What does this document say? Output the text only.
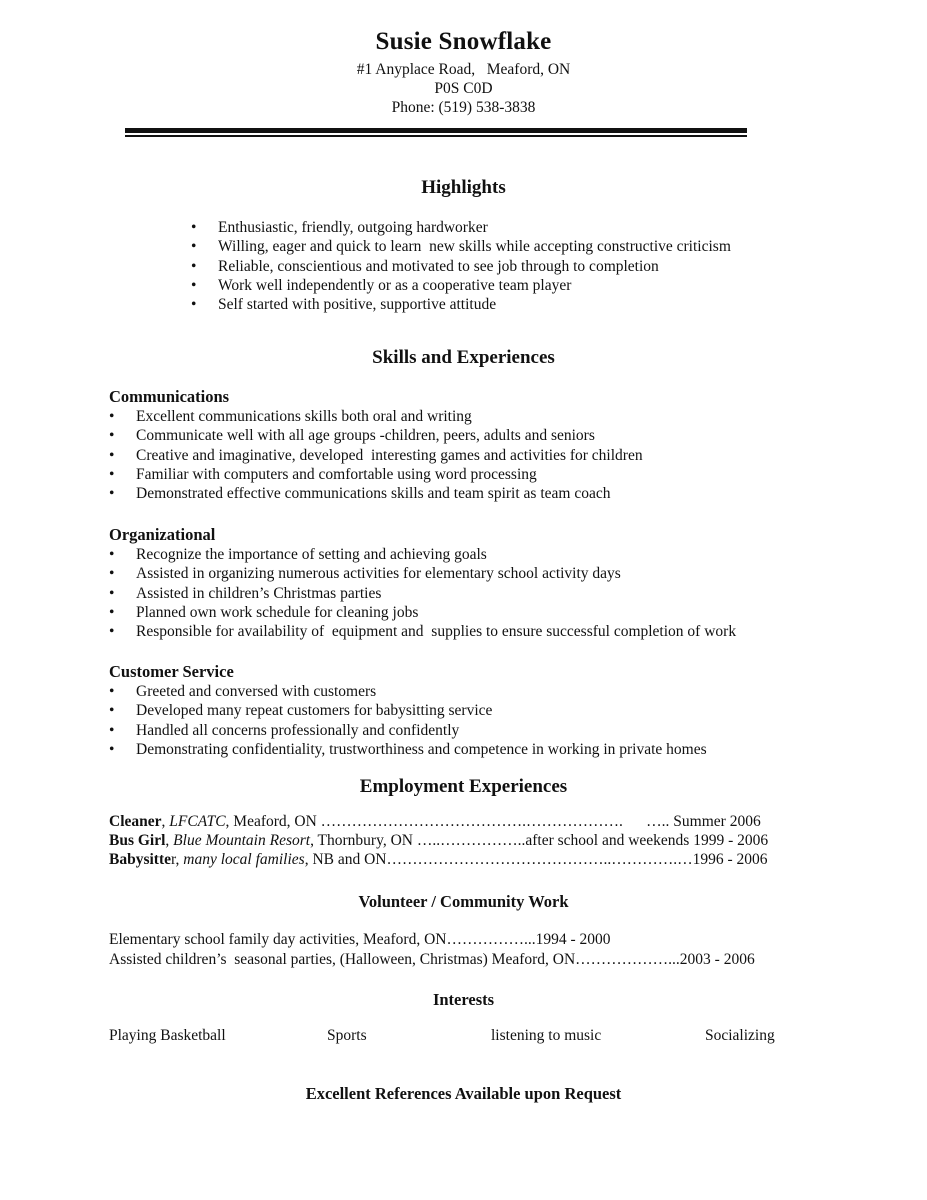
Susie Snowflake
#1 Anyplace Road,   Meaford, ON
P0S C0D
Phone: (519) 538-3838
Highlights
• Enthusiastic, friendly, outgoing hardworker
• Willing, eager and quick to learn  new skills while accepting constructive criticism
• Reliable, conscientious and motivated to see job through to completion
• Work well independently or as a cooperative team player
• Self started with positive, supportive attitude
Skills and Experiences
Communications
• Excellent communications skills both oral and writing
• Communicate well with all age groups -children, peers, adults and seniors
• Creative and imaginative, developed  interesting games and activities for children
• Familiar with computers and comfortable using word processing
• Demonstrated effective communications skills and team spirit as team coach
Organizational
• Recognize the importance of setting and achieving goals
• Assisted in organizing numerous activities for elementary school activity days
• Assisted in children’s Christmas parties
• Planned own work schedule for cleaning jobs
• Responsible for availability of  equipment and  supplies to ensure successful completion of work
Customer Service
• Greeted and conversed with customers
• Developed many repeat customers for babysitting service
• Handled all concerns professionally and confidently
• Demonstrating confidentiality, trustworthiness and competence in working in private homes
Employment Experiences
Cleaner, LFCATC, Meaford, ON ………………………………….……………….      ….. Summer 2006
Bus Girl, Blue Mountain Resort, Thornbury, ON …..……………..after school and weekends 1999 - 2006
Babysitter, many local families, NB and ON……………………………………..………….…1996 - 2006
Volunteer / Community Work
Elementary school family day activities, Meaford, ON……………...1994 - 2000
Assisted children’s  seasonal parties, (Halloween, Christmas) Meaford, ON………………...2003 - 2006
Interests
Playing Basketball	Sports	listening to music	Socializing
Excellent References Available upon Request
